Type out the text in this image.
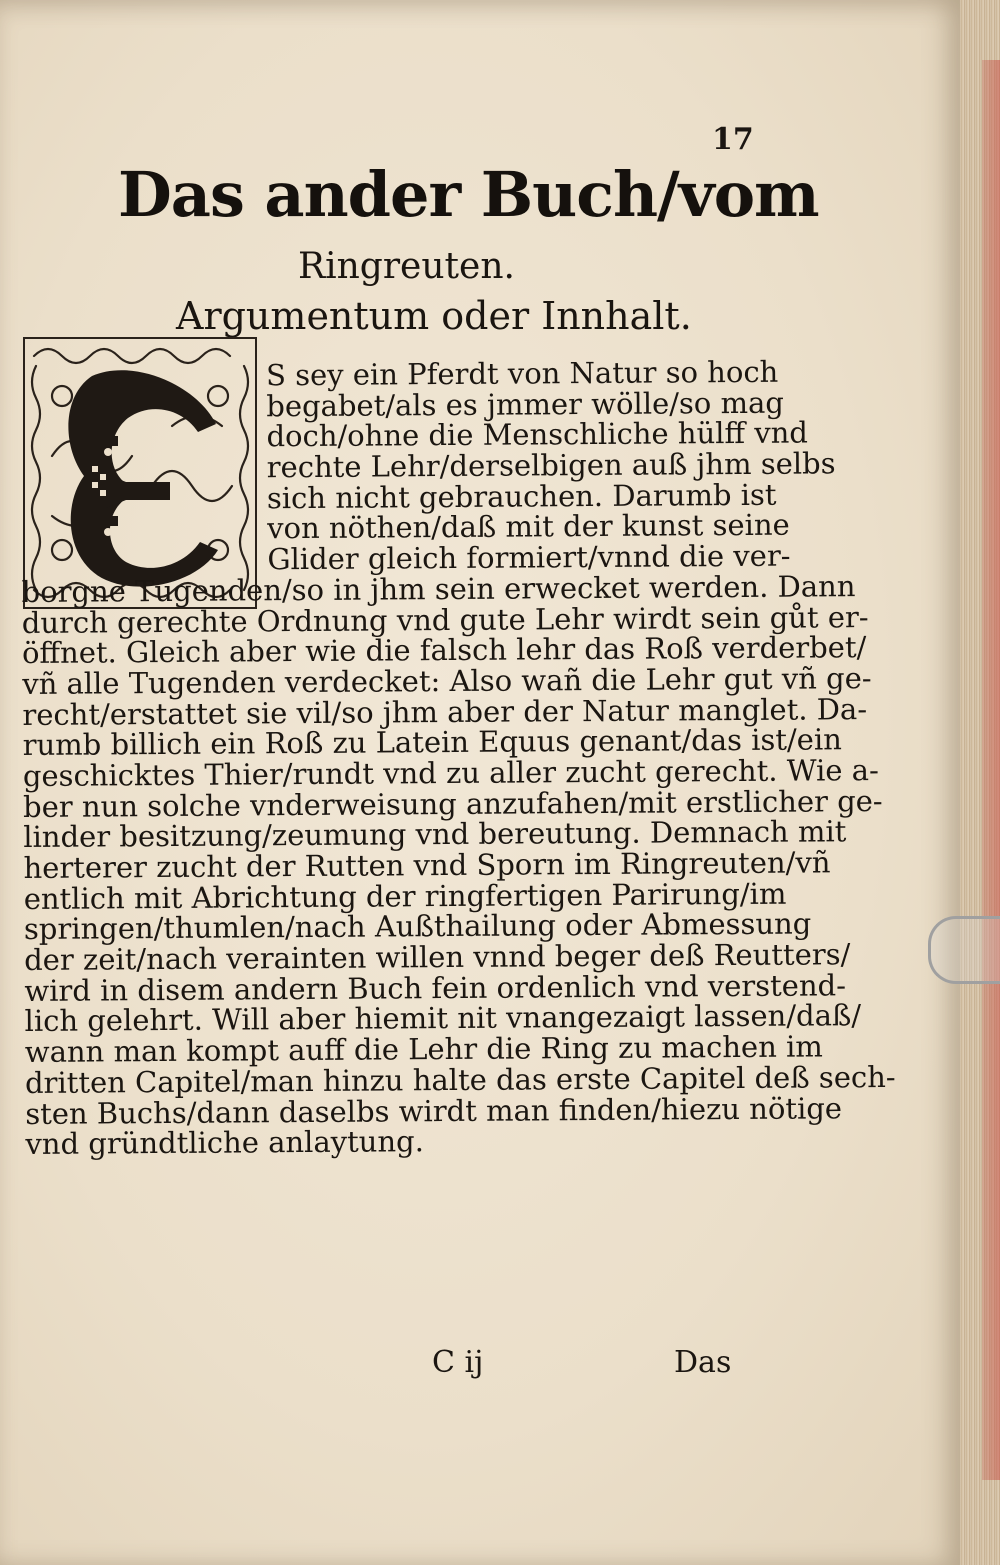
17
Das ander Buch/vom
Ringreuten.
Argumentum oder Innhalt.
S sey ein Pferdt von Natur so hoch
begabet/als es jmmer wölle/so mag
doch/ohne die Menschliche hülff vnd
rechte Lehr/derselbigen auß jhm selbs
sich nicht gebrauchen. Darumb ist
von nöthen/daß mit der kunst seine
Glider gleich formiert/vnnd die ver-
borgne Tugenden/so in jhm sein erwecket werden. Dann
durch gerechte Ordnung vnd gute Lehr wirdt sein gůt er-
öffnet. Gleich aber wie die falsch lehr das Roß verderbet/
vñ alle Tugenden verdecket: Also wañ die Lehr gut vñ ge-
recht/erstattet sie vil/so jhm aber der Natur manglet. Da-
rumb billich ein Roß zu Latein Equus genant/das ist/ein
geschicktes Thier/rundt vnd zu aller zucht gerecht. Wie a-
ber nun solche vnderweisung anzufahen/mit erstlicher ge-
linder besitzung/zeumung vnd bereutung. Demnach mit
herterer zucht der Rutten vnd Sporn im Ringreuten/vñ
entlich mit Abrichtung der ringfertigen Parirung/im
springen/thumlen/nach Außthailung oder Abmessung
der zeit/nach verainten willen vnnd beger deß Reutters/
wird in disem andern Buch fein ordenlich vnd verstend-
lich gelehrt. Will aber hiemit nit vnangezaigt lassen/daß/
wann man kompt auff die Lehr die Ring zu machen im
dritten Capitel/man hinzu halte das erste Capitel deß sech-
sten Buchs/dann daselbs wirdt man finden/hiezu nötige
vnd gründtliche anlaytung.
C ij	Das
